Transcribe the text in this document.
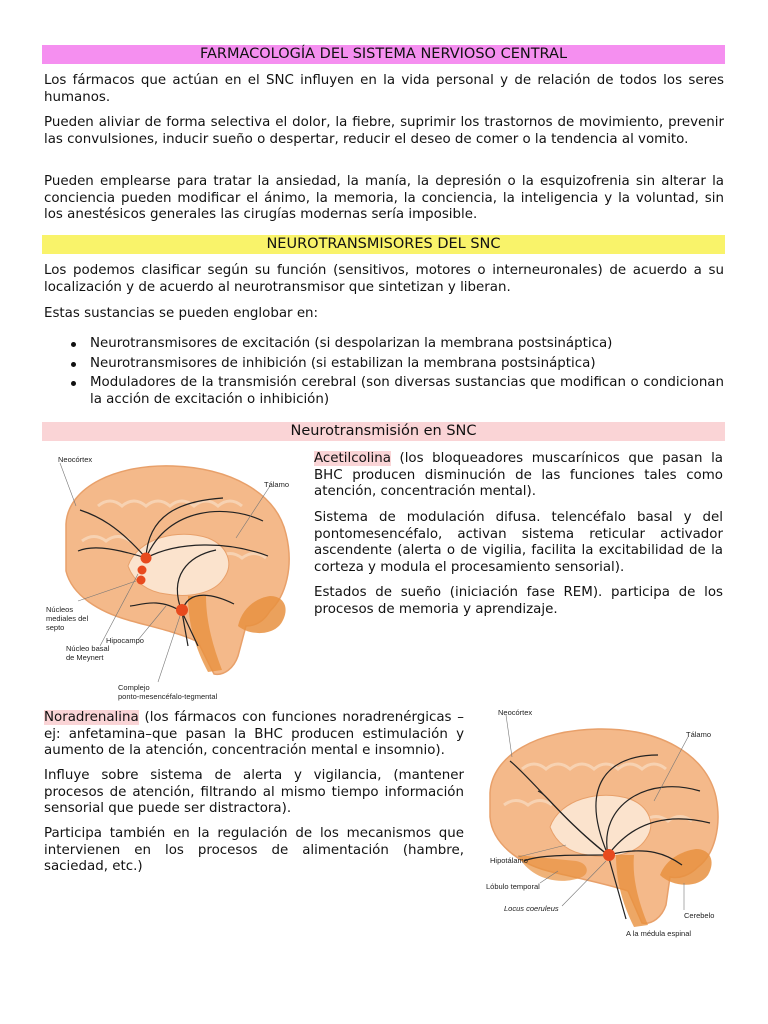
FARMACOLOGÍA DEL SISTEMA NERVIOSO CENTRAL

Los fármacos que actúan en el SNC influyen en la vida personal y de relación de todos los seres humanos.

Pueden aliviar de forma selectiva el dolor, la fiebre, suprimir los trastornos de movimiento, prevenir las convulsiones, inducir sueño o despertar, reducir el deseo de comer o la tendencia al vomito.

Pueden emplearse para tratar la ansiedad, la manía, la depresión o la esquizofrenia sin alterar la conciencia pueden modificar el ánimo, la memoria, la conciencia, la inteligencia y la voluntad, sin los anestésicos generales las cirugías modernas sería imposible.

NEUROTRANSMISORES DEL SNC

Los podemos clasificar según su función (sensitivos, motores o interneuronales) de acuerdo a su localización y de acuerdo al neurotransmisor que sintetizan y liberan.

Estas sustancias se pueden englobar en:

Neurotransmisores de excitación (si despolarizan la membrana postsináptica)
Neurotransmisores de inhibición (si estabilizan la membrana postsináptica)
Moduladores de la transmisión cerebral (son diversas sustancias que modifican o condicionan la acción de excitación o inhibición)
Neurotransmisión en SNC
Neocórtex
Tálamo
Núcleos
mediales del
septo
Núcleo basal
de Meynert
Hipocampo
Complejo
ponto-mesencéfalo-tegmental

Acetilcolina (los bloqueadores muscarínicos que pasan la BHC producen disminución de las funciones tales como atención, concentración mental).

Sistema de modulación difusa. telencéfalo basal y del pontomesencéfalo, activan sistema reticular activador ascendente (alerta o de vigilia, facilita la excitabilidad de la corteza y modula el procesamiento sensorial).

Estados de sueño (iniciación fase REM). participa de los procesos de memoria y aprendizaje.

Noradrenalina (los fármacos con funciones noradrenérgicas – ej: anfetamina–que pasan la BHC producen estimulación y aumento de la atención, concentración mental e insomnio).

Influye sobre sistema de alerta y vigilancia, (mantener procesos de atención, filtrando al mismo tiempo información sensorial que puede ser distractora).

Participa también en la regulación de los mecanismos que intervienen en los procesos de alimentación (hambre, saciedad, etc.)

Neocórtex
Tálamo
Hipotálamo
Lóbulo temporal
Locus coeruleus
Cerebelo
A la médula espinal
